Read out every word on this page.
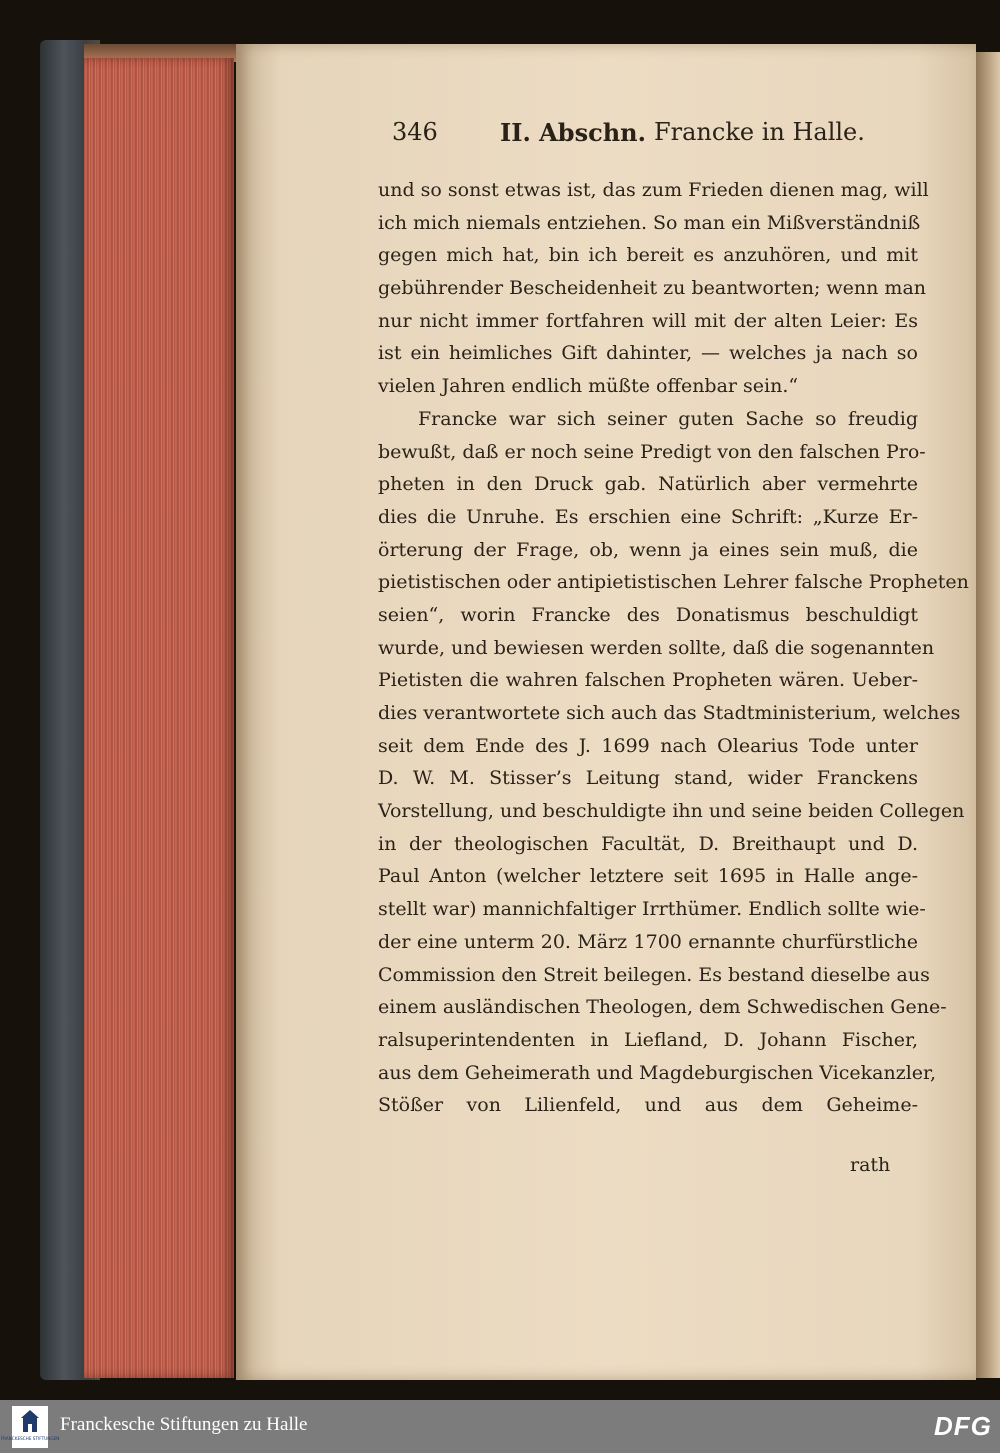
346	II. Abschn. Francke in Halle.
und so sonst etwas ist, das zum Frieden dienen mag, will
ich mich niemals entziehen. So man ein Mißverständniß
gegen mich hat, bin ich bereit es anzuhören, und mit
gebührender Bescheidenheit zu beantworten; wenn man
nur nicht immer fortfahren will mit der alten Leier: Es
ist ein heimliches Gift dahinter, — welches ja nach so
vielen Jahren endlich müßte offenbar sein.“
Francke war sich seiner guten Sache so freudig
bewußt, daß er noch seine Predigt von den falschen Pro-
pheten in den Druck gab. Natürlich aber vermehrte
dies die Unruhe. Es erschien eine Schrift: „Kurze Er-
örterung der Frage, ob, wenn ja eines sein muß, die
pietistischen oder antipietistischen Lehrer falsche Propheten
seien“, worin Francke des Donatismus beschuldigt
wurde, und bewiesen werden sollte, daß die sogenannten
Pietisten die wahren falschen Propheten wären. Ueber-
dies verantwortete sich auch das Stadtministerium, welches
seit dem Ende des J. 1699 nach Olearius Tode unter
D. W. M. Stisser’s Leitung stand, wider Franckens
Vorstellung, und beschuldigte ihn und seine beiden Collegen
in der theologischen Facultät, D. Breithaupt und D.
Paul Anton (welcher letztere seit 1695 in Halle ange-
stellt war) mannichfaltiger Irrthümer. Endlich sollte wie-
der eine unterm 20. März 1700 ernannte churfürstliche
Commission den Streit beilegen. Es bestand dieselbe aus
einem ausländischen Theologen, dem Schwedischen Gene-
ralsuperintendenten in Liefland, D. Johann Fischer,
aus dem Geheimerath und Magdeburgischen Vicekanzler,
Stößer von Lilienfeld, und aus dem Geheime-
rath
FRANCKESCHE STIFTUNGEN
Franckesche Stiftungen zu Halle	DFG
